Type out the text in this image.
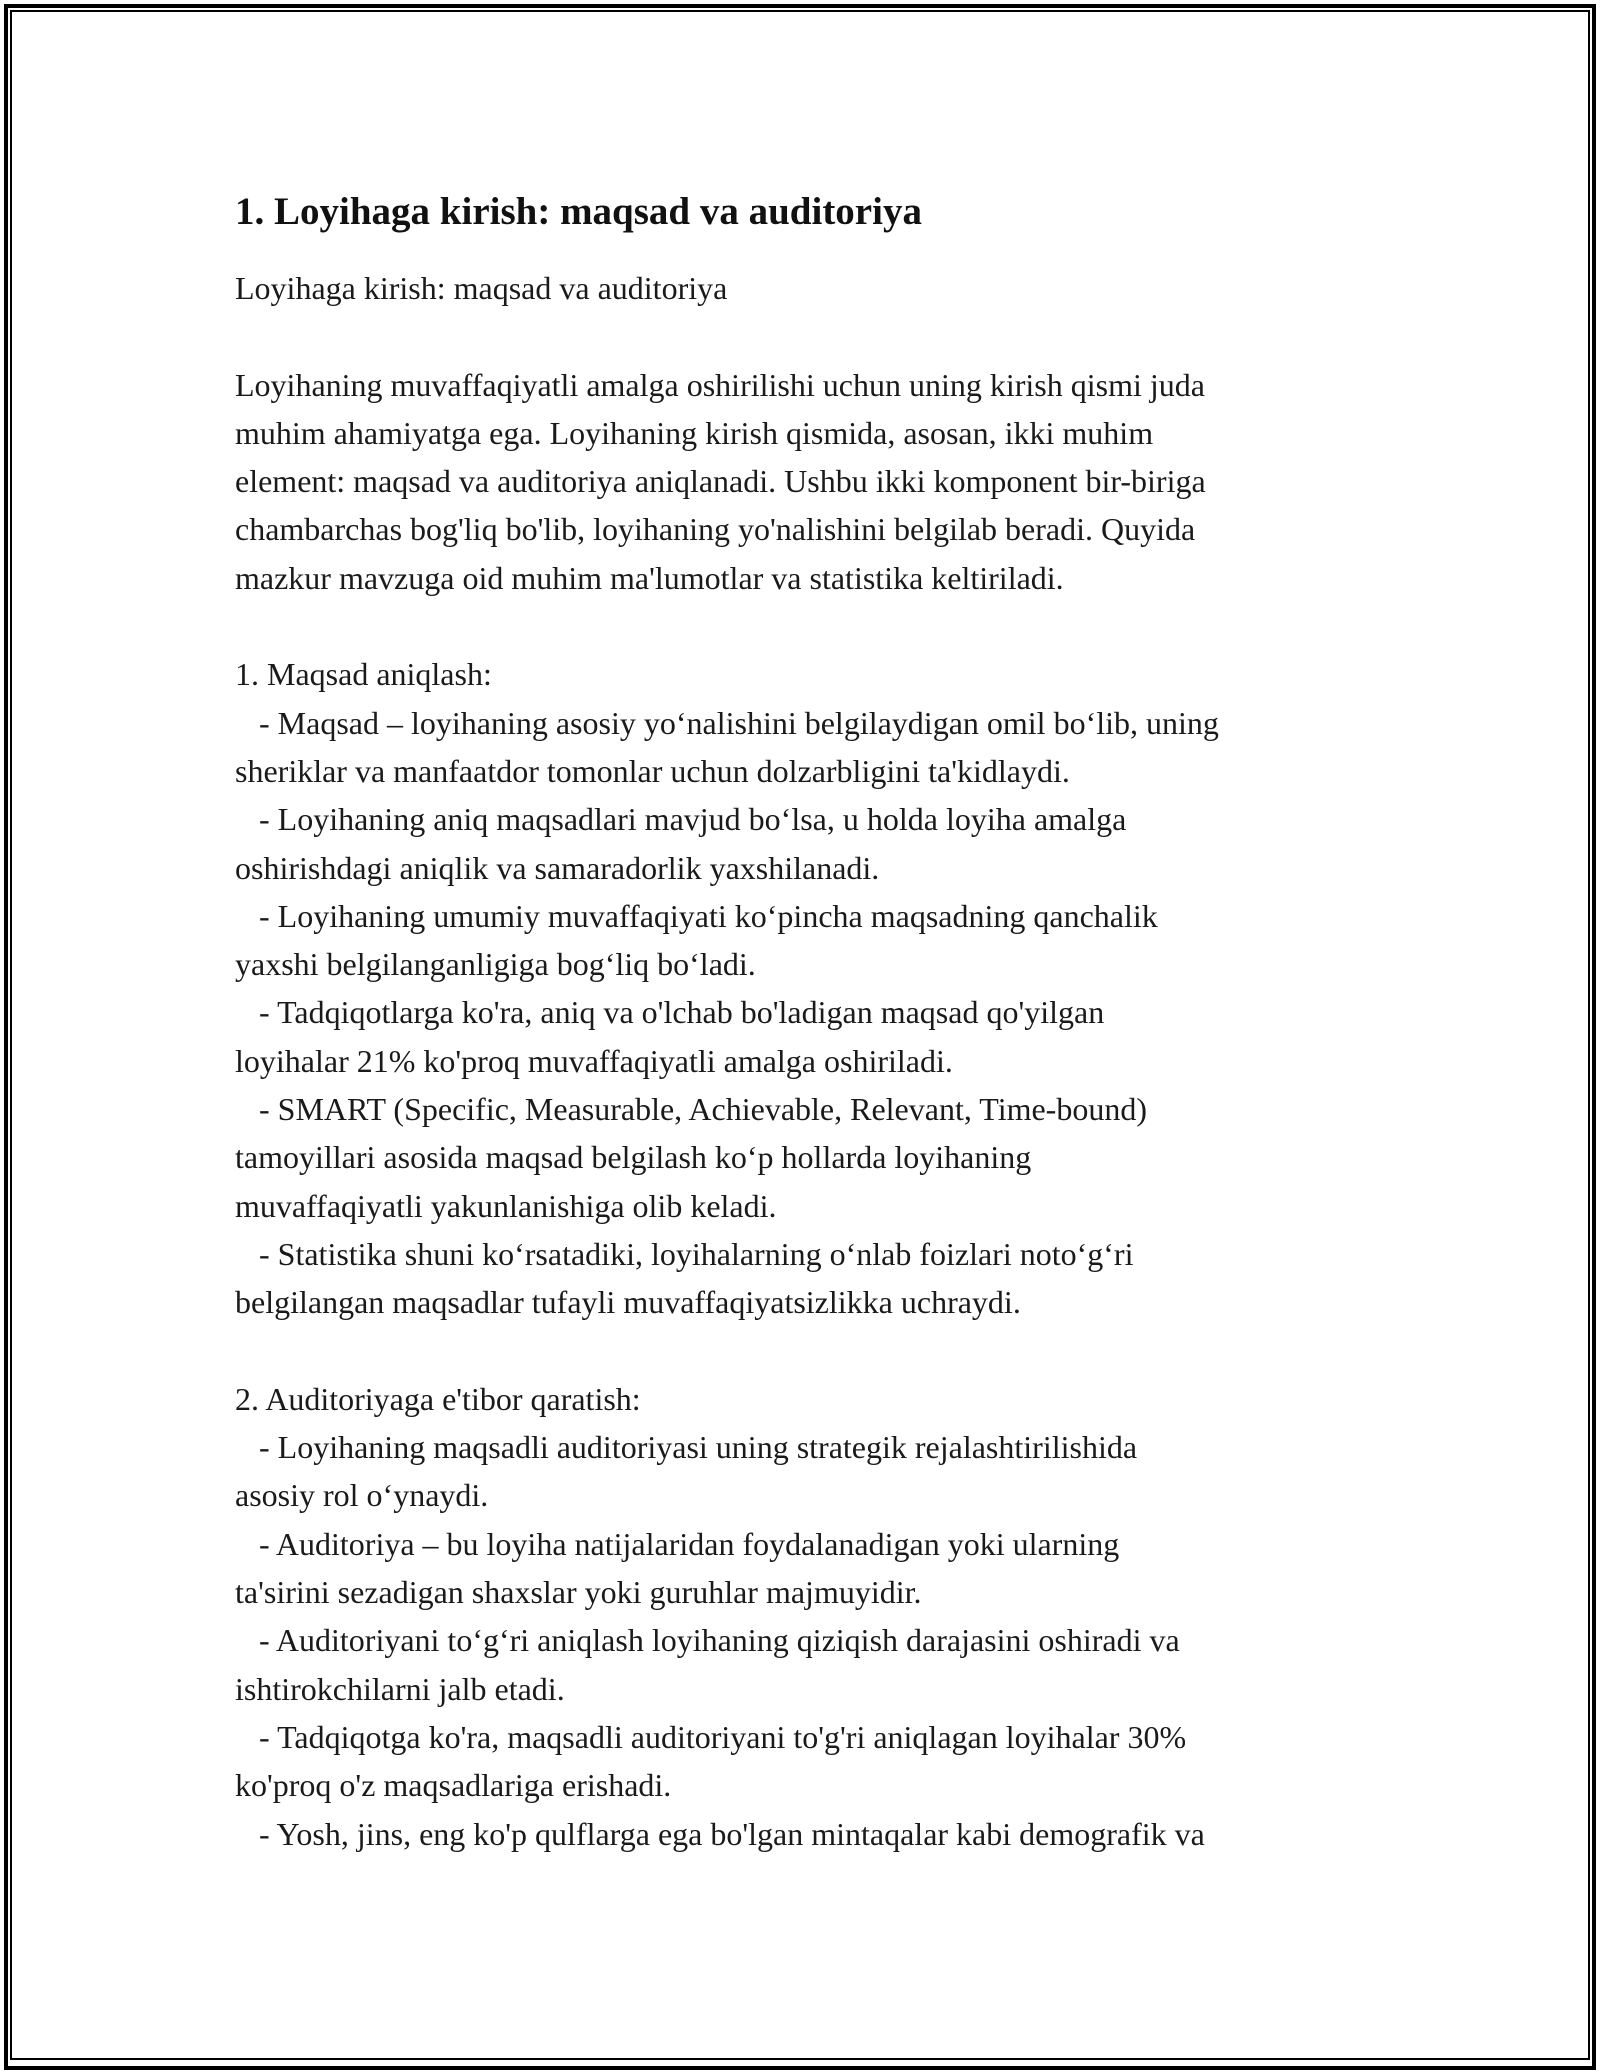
1. Loyihaga kirish: maqsad va auditoriya

Loyihaga kirish: maqsad va auditoriya

Loyihaning muvaffaqiyatli amalga oshirilishi uchun uning kirish qismi juda
muhim ahamiyatga ega. Loyihaning kirish qismida, asosan, ikki muhim
element: maqsad va auditoriya aniqlanadi. Ushbu ikki komponent bir-biriga
chambarchas bog'liq bo'lib, loyihaning yo'nalishini belgilab beradi. Quyida
mazkur mavzuga oid muhim ma'lumotlar va statistika keltiriladi.
1. Maqsad aniqlash:
- Maqsad – loyihaning asosiy yo‘nalishini belgilaydigan omil bo‘lib, uning
sheriklar va manfaatdor tomonlar uchun dolzarbligini ta'kidlaydi.
- Loyihaning aniq maqsadlari mavjud bo‘lsa, u holda loyiha amalga
oshirishdagi aniqlik va samaradorlik yaxshilanadi.
- Loyihaning umumiy muvaffaqiyati ko‘pincha maqsadning qanchalik
yaxshi belgilanganligiga bog‘liq bo‘ladi.
- Tadqiqotlarga ko'ra, aniq va o'lchab bo'ladigan maqsad qo'yilgan
loyihalar 21% ko'proq muvaffaqiyatli amalga oshiriladi.
- SMART (Specific, Measurable, Achievable, Relevant, Time-bound)
tamoyillari asosida maqsad belgilash ko‘p hollarda loyihaning
muvaffaqiyatli yakunlanishiga olib keladi.
- Statistika shuni ko‘rsatadiki, loyihalarning o‘nlab foizlari noto‘g‘ri
belgilangan maqsadlar tufayli muvaffaqiyatsizlikka uchraydi.
2. Auditoriyaga e'tibor qaratish:
- Loyihaning maqsadli auditoriyasi uning strategik rejalashtirilishida
asosiy rol o‘ynaydi.
- Auditoriya – bu loyiha natijalaridan foydalanadigan yoki ularning
ta'sirini sezadigan shaxslar yoki guruhlar majmuyidir.
- Auditoriyani to‘g‘ri aniqlash loyihaning qiziqish darajasini oshiradi va
ishtirokchilarni jalb etadi.
- Tadqiqotga ko'ra, maqsadli auditoriyani to'g'ri aniqlagan loyihalar 30%
ko'proq o'z maqsadlariga erishadi.
- Yosh, jins, eng ko'p qulflarga ega bo'lgan mintaqalar kabi demografik va
